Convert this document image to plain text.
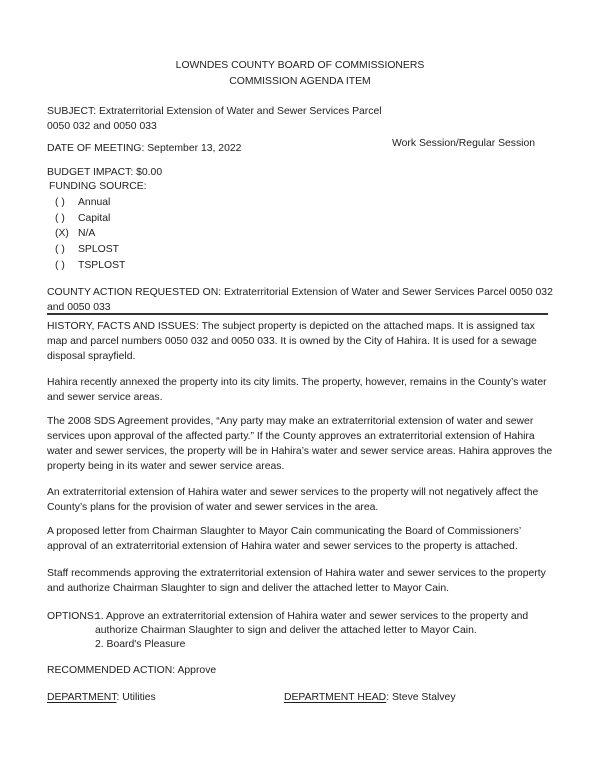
LOWNDES COUNTY BOARD OF COMMISSIONERS
COMMISSION AGENDA ITEM
SUBJECT: Extraterritorial Extension of Water and Sewer Services Parcel
0050 032 and 0050 033
DATE OF MEETING: September 13, 2022	Work Session/Regular Session
BUDGET IMPACT: $0.00
FUNDING SOURCE:
( ) Annual
( ) Capital
(X) N/A
( ) SPLOST
( ) TSPLOST
COUNTY ACTION REQUESTED ON: Extraterritorial Extension of Water and Sewer Services Parcel 0050 032
and 0050 033
HISTORY, FACTS AND ISSUES: The subject property is depicted on the attached maps. It is assigned tax map and parcel numbers 0050 032 and 0050 033. It is owned by the City of Hahira. It is used for a sewage disposal sprayfield.
Hahira recently annexed the property into its city limits. The property, however, remains in the County’s water and sewer service areas.
The 2008 SDS Agreement provides, “Any party may make an extraterritorial extension of water and sewer services upon approval of the affected party.” If the County approves an extraterritorial extension of Hahira water and sewer services, the property will be in Hahira’s water and sewer service areas. Hahira approves the property being in its water and sewer service areas.
An extraterritorial extension of Hahira water and sewer services to the property will not negatively affect the County’s plans for the provision of water and sewer services in the area.
A proposed letter from Chairman Slaughter to Mayor Cain communicating the Board of Commissioners’ approval of an extraterritorial extension of Hahira water and sewer services to the property is attached.
Staff recommends approving the extraterritorial extension of Hahira water and sewer services to the property and authorize Chairman Slaughter to sign and deliver the attached letter to Mayor Cain.
OPTIONS:
1. Approve an extraterritorial extension of Hahira water and sewer services to the property and
authorize Chairman Slaughter to sign and deliver the attached letter to Mayor Cain.
2. Board's Pleasure
RECOMMENDED ACTION: Approve
DEPARTMENT: Utilities	DEPARTMENT HEAD: Steve Stalvey
